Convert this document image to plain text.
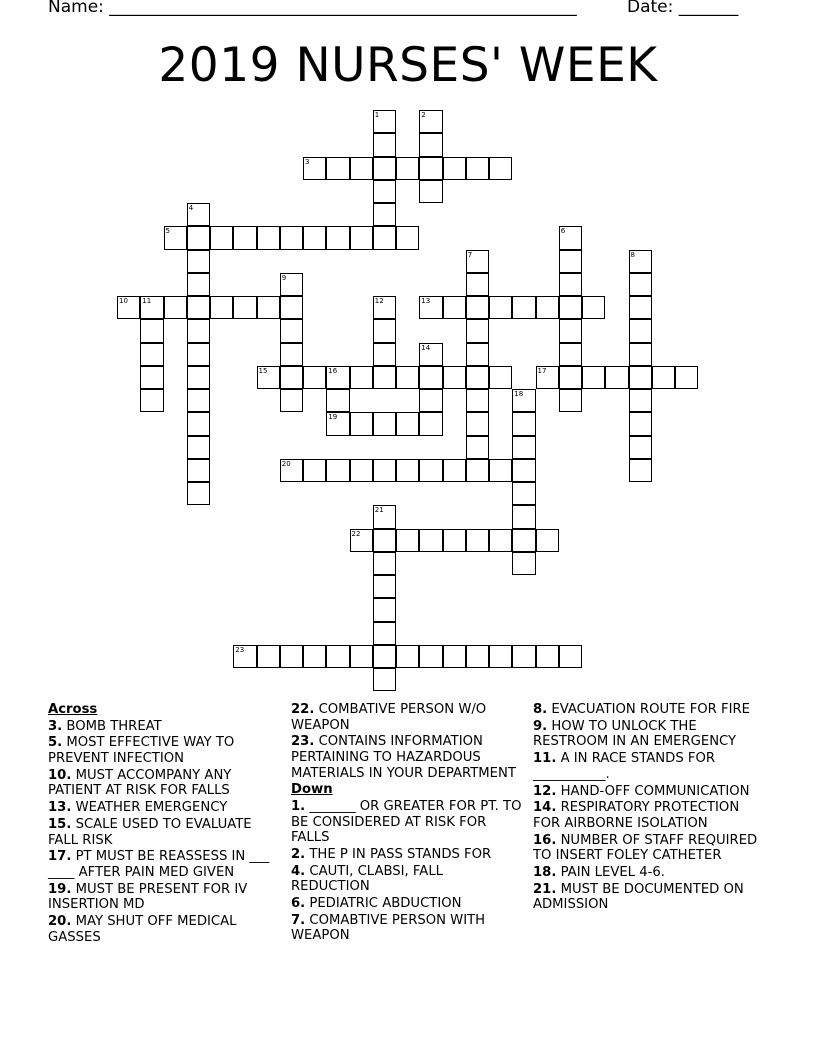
Name: _______________________________________________________	Date: _______
2019 NURSES' WEEK
1	2
3
4
5	6
7	8
9
10 11	12	13
14
15	16
19
17
18
20
21
22
23
Across
3. BOMB THREAT
5. MOST EFFECTIVE WAY TO PREVENT INFECTION
10. MUST ACCOMPANY ANY PATIENT AT RISK FOR FALLS
13. WEATHER EMERGENCY
15. SCALE USED TO EVALUATE FALL RISK
17. PT MUST BE REASSESS IN ___ ____ AFTER PAIN MED GIVEN
19. MUST BE PRESENT FOR IV INSERTION MD
20. MAY SHUT OFF MEDICAL GASSES
22. COMBATIVE PERSON W/O WEAPON
23. CONTAINS INFORMATION PERTAINING TO HAZARDOUS MATERIALS IN YOUR DEPARTMENT
Down
1. _______ OR GREATER FOR PT. TO BE CONSIDERED AT RISK FOR FALLS
2. THE P IN PASS STANDS FOR
4. CAUTI, CLABSI, FALL REDUCTION
6. PEDIATRIC ABDUCTION
7. COMABTIVE PERSON WITH WEAPON
8. EVACUATION ROUTE FOR FIRE
9. HOW TO UNLOCK THE RESTROOM IN AN EMERGENCY
11. A IN RACE STANDS FOR ___________.
12. HAND-OFF COMMUNICATION
14. RESPIRATORY PROTECTION FOR AIRBORNE ISOLATION
16. NUMBER OF STAFF REQUIRED TO INSERT FOLEY CATHETER
18. PAIN LEVEL 4-6.
21. MUST BE DOCUMENTED ON ADMISSION
